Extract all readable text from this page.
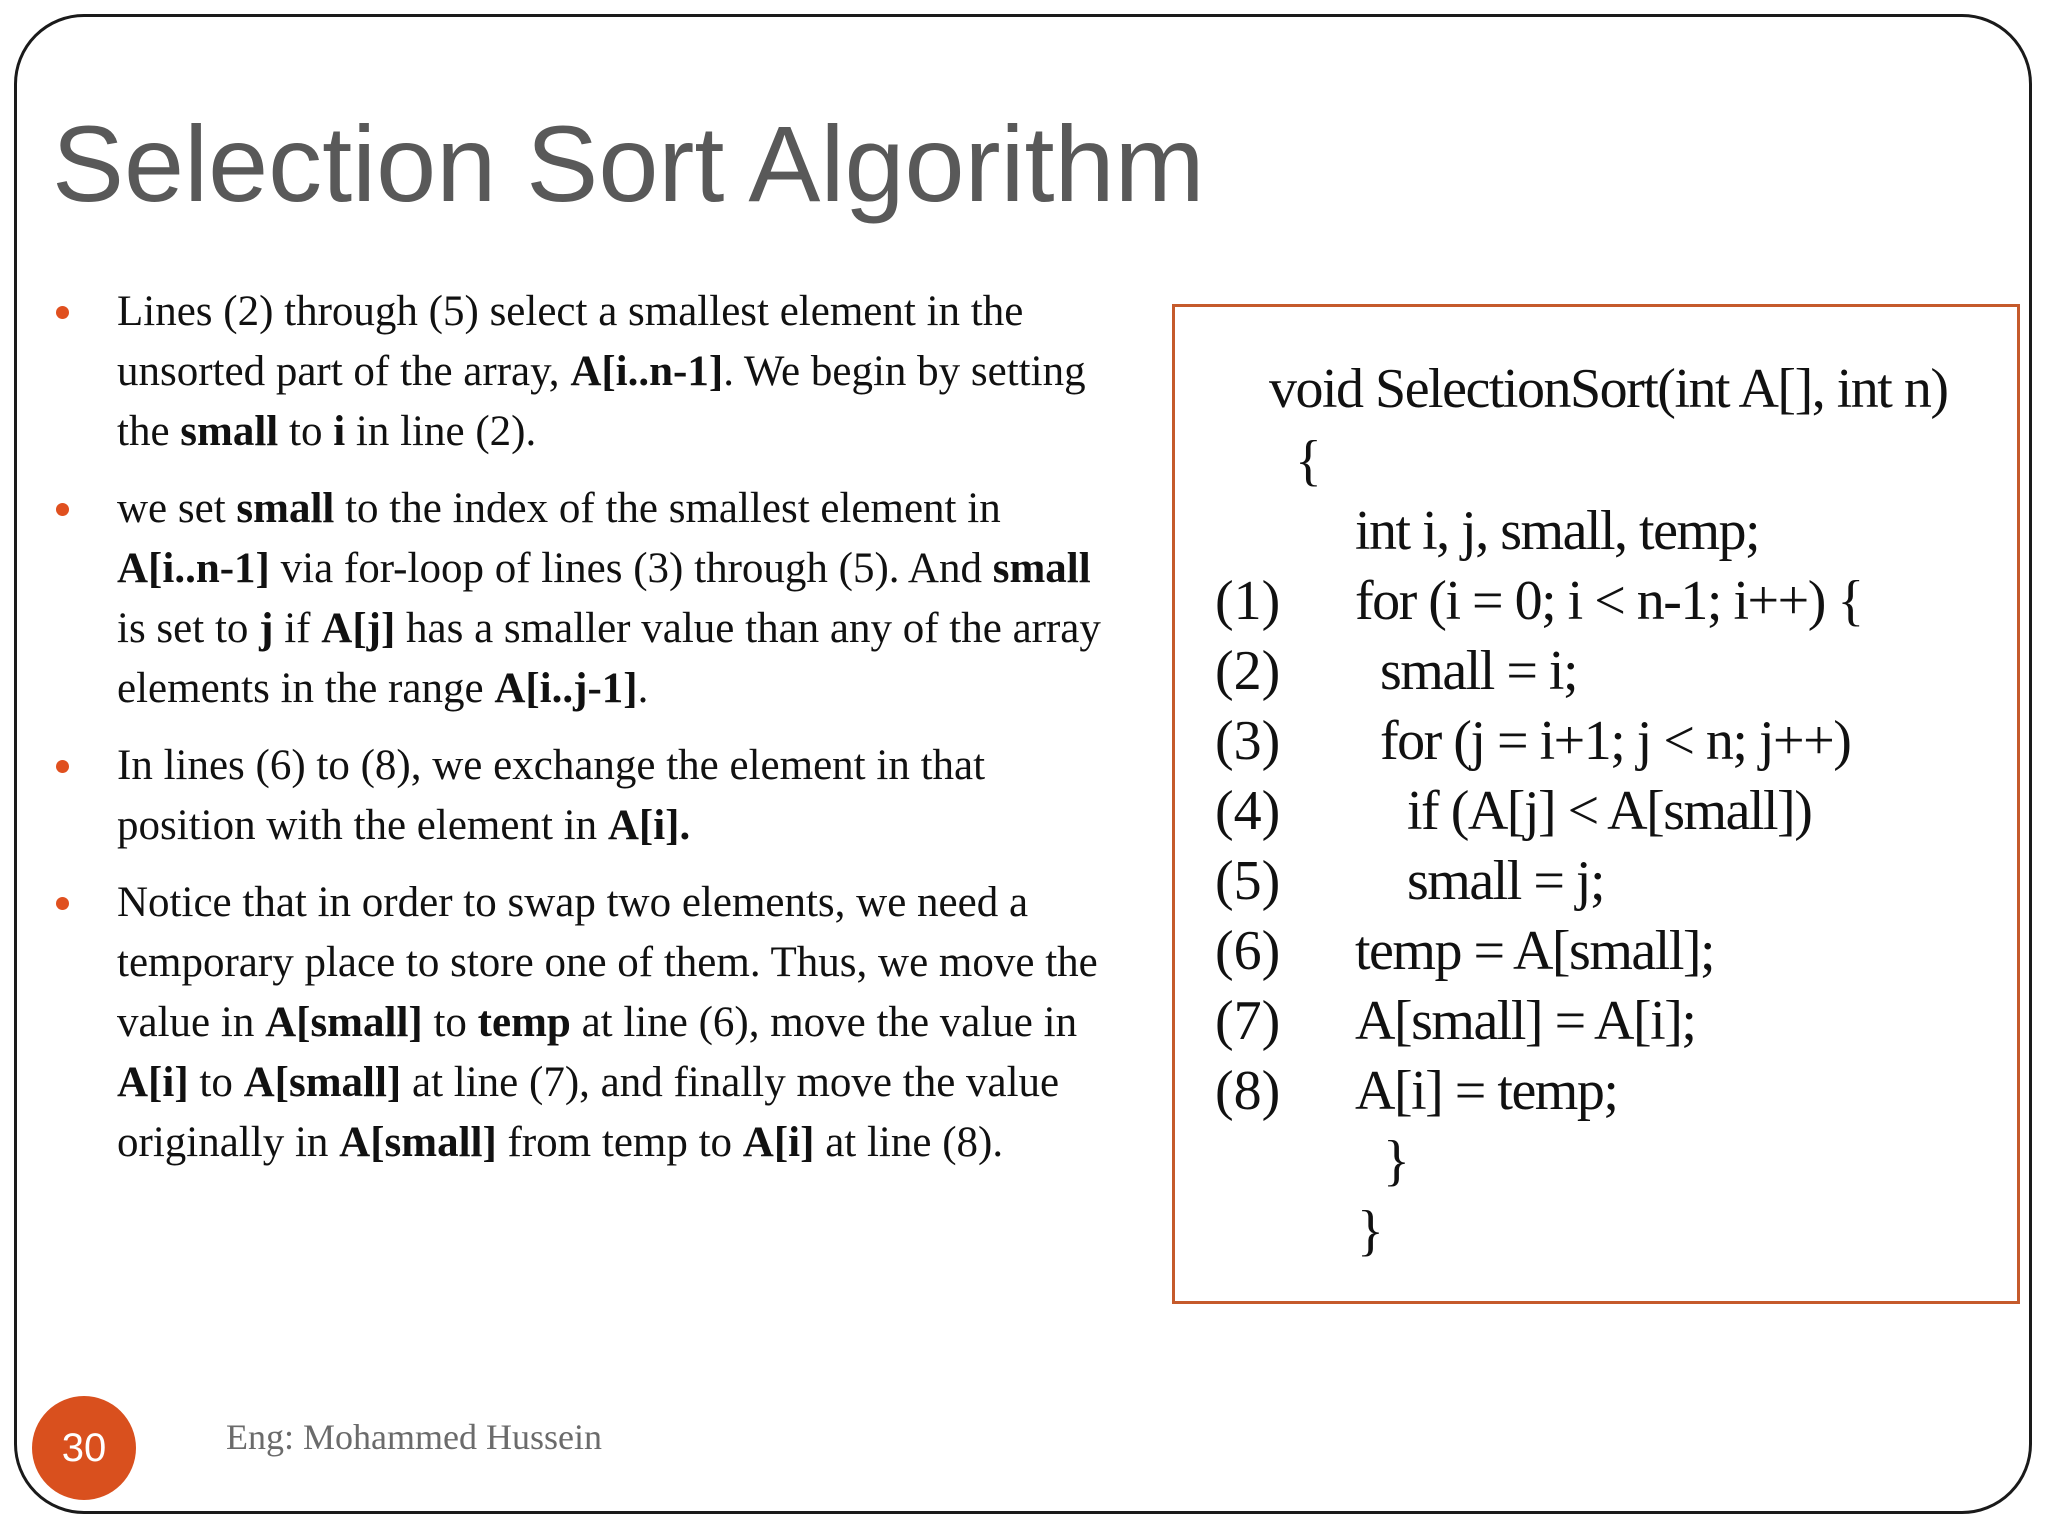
Selection Sort Algorithm
Lines (2) through (5) select a smallest element in the unsorted part of the array, A[i..n-1]. We begin by setting the small to i in line (2).
we set small to the index of the smallest element in A[i..n-1] via for-loop of lines (3) through (5). And small is set to j if A[j] has a smaller value than any of the array elements in the range A[i..j-1].
In lines (6) to (8), we exchange the element in that position with the element in A[i].
Notice that in order to swap two elements, we need a temporary place to store one of them. Thus, we move the value in A[small] to temp at line (6), move the value in A[i] to A[small] at line (7), and finally move the value originally in A[small] from temp to A[i] at line (8).
void SelectionSort(int A[], int n)
{
int i, j, small, temp;
(1) for (i = 0; i < n-1; i++) {
(2) small = i;
(3) for (j = i+1; j < n; j++)
(4) if (A[j] < A[small])
(5) small = j;
(6) temp = A[small];
(7) A[small] = A[i];
(8) A[i] = temp;
}
}
30	Eng: Mohammed Hussein
